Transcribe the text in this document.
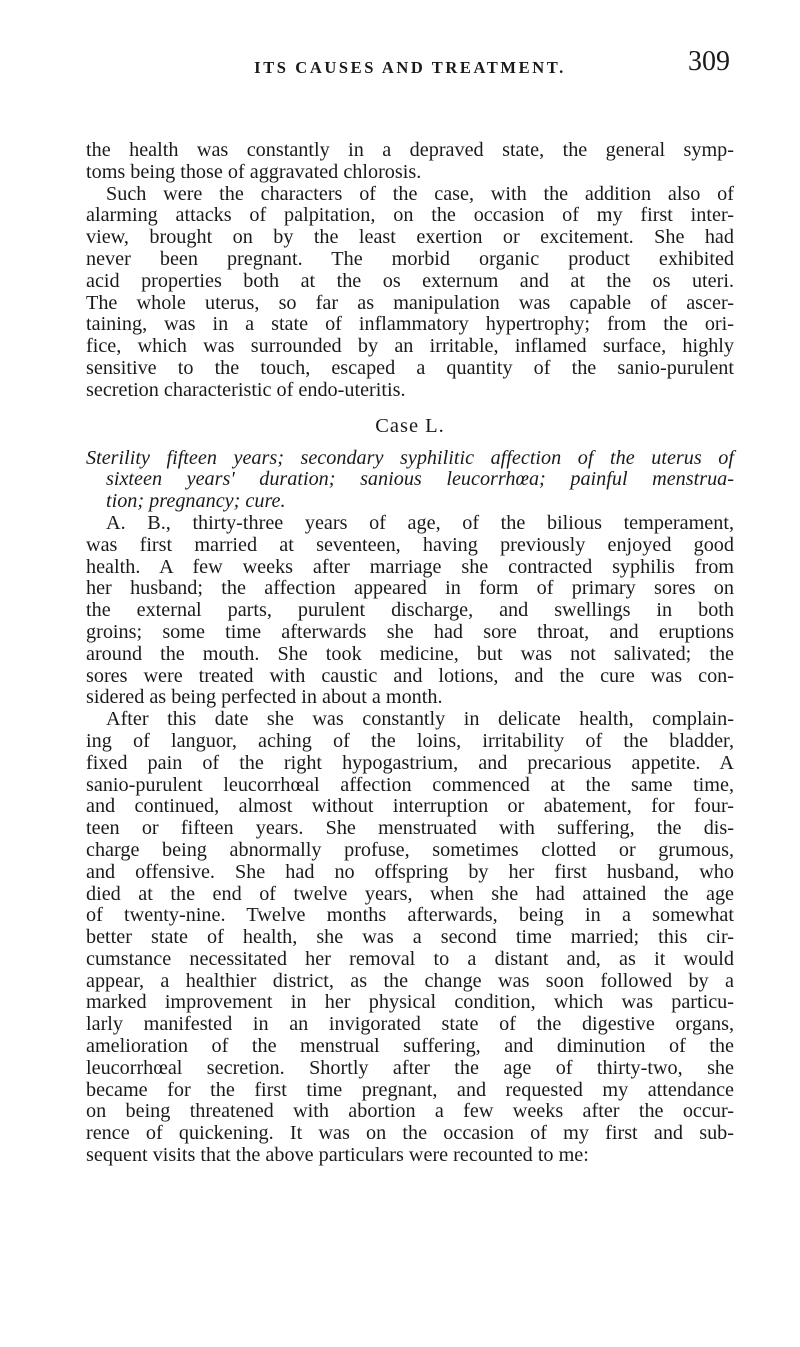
ITS CAUSES AND TREATMENT.	309
the health was constantly in a depraved state, the general symp-
toms being those of aggravated chlorosis.
Such were the characters of the case, with the addition also of
alarming attacks of palpitation, on the occasion of my first inter-
view, brought on by the least exertion or excitement. She had
never been pregnant. The morbid organic product exhibited
acid properties both at the os externum and at the os uteri.
The whole uterus, so far as manipulation was capable of ascer-
taining, was in a state of inflammatory hypertrophy; from the ori-
fice, which was surrounded by an irritable, inflamed surface, highly
sensitive to the touch, escaped a quantity of the sanio-purulent
secretion characteristic of endo-uteritis.
Case L.
Sterility fifteen years; secondary syphilitic affection of the uterus of
sixteen years' duration; sanious leucorrhœa; painful menstrua-
tion; pregnancy; cure.
A. B., thirty-three years of age, of the bilious temperament,
was first married at seventeen, having previously enjoyed good
health. A few weeks after marriage she contracted syphilis from
her husband; the affection appeared in form of primary sores on
the external parts, purulent discharge, and swellings in both
groins; some time afterwards she had sore throat, and eruptions
around the mouth. She took medicine, but was not salivated; the
sores were treated with caustic and lotions, and the cure was con-
sidered as being perfected in about a month.
After this date she was constantly in delicate health, complain-
ing of languor, aching of the loins, irritability of the bladder,
fixed pain of the right hypogastrium, and precarious appetite. A
sanio-purulent leucorrhœal affection commenced at the same time,
and continued, almost without interruption or abatement, for four-
teen or fifteen years. She menstruated with suffering, the dis-
charge being abnormally profuse, sometimes clotted or grumous,
and offensive. She had no offspring by her first husband, who
died at the end of twelve years, when she had attained the age
of twenty-nine. Twelve months afterwards, being in a somewhat
better state of health, she was a second time married; this cir-
cumstance necessitated her removal to a distant and, as it would
appear, a healthier district, as the change was soon followed by a
marked improvement in her physical condition, which was particu-
larly manifested in an invigorated state of the digestive organs,
amelioration of the menstrual suffering, and diminution of the
leucorrhœal secretion. Shortly after the age of thirty-two, she
became for the first time pregnant, and requested my attendance
on being threatened with abortion a few weeks after the occur-
rence of quickening. It was on the occasion of my first and sub-
sequent visits that the above particulars were recounted to me:
